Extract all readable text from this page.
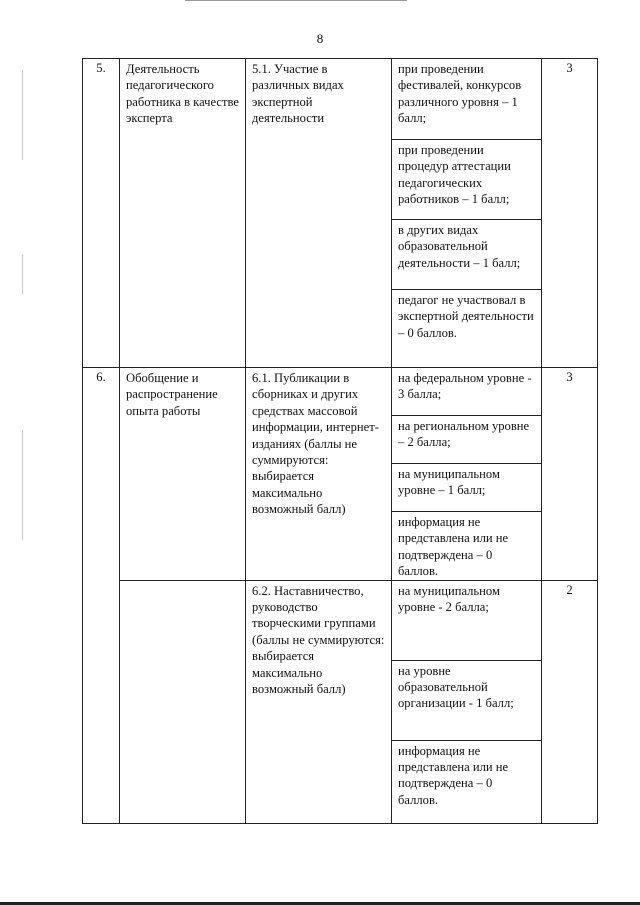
8
5.	Деятельность педагогического работника в качестве эксперта	5.1. Участие в различных видах экспертной деятельности	при проведении фестивалей, конкурсов различного уровня – 1 балл;	3
			при проведении процедур аттестации педагогических работников – 1 балл;	
			в других видах образовательной деятельности – 1 балл;	
			педагог не участвовал в экспертной деятельности – 0 баллов.	
6.	Обобщение и распространение опыта работы	6.1. Публикации в сборниках и других средствах массовой информации, интернет-изданиях (баллы не суммируются: выбирается максимально возможный балл)	на федеральном уровне - 3 балла;	3
			на региональном уровне – 2 балла;	
			на муниципальном уровне – 1 балл;	
			информация не представлена или не подтверждена – 0 баллов.	
		6.2. Наставничество, руководство творческими группами (баллы не суммируются: выбирается максимально возможный балл)	на муниципальном уровне - 2 балла;	2
			на уровне образовательной организации - 1 балл;	
			информация не представлена или не подтверждена – 0 баллов.	
